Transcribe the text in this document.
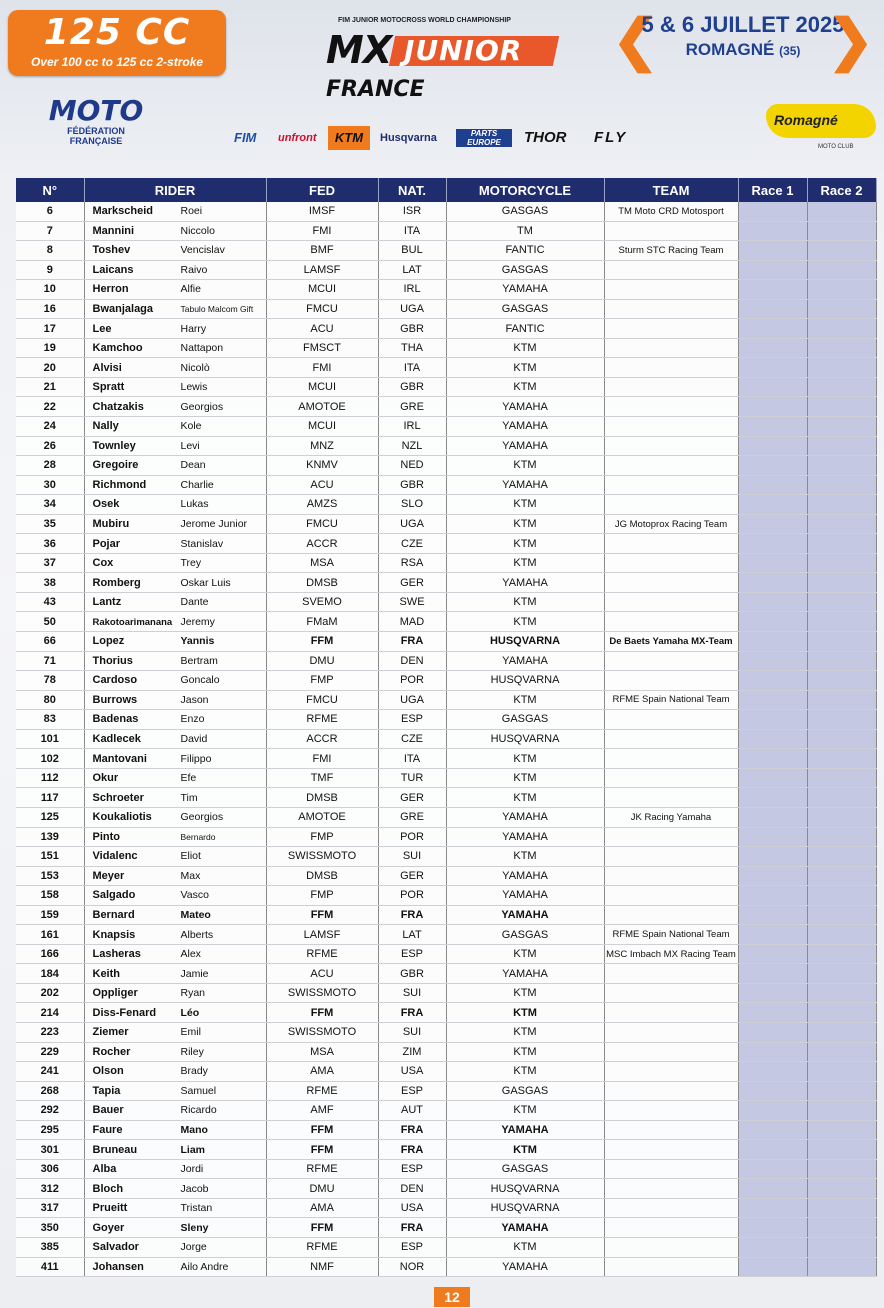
125 CC
Over 100 cc to 125 cc 2-stroke
FIM JUNIOR MOTOCROSS WORLD CHAMPIONSHIP
MX JUNIOR
FRANCE
❮
5 & 6 JUILLET 2025
ROMAGNÉ (35) ❯
MOTO
FÉDÉRATION
FRANÇAISE	FIM unfront	KTM	Husqvarna	PARTS EUROPE	THOR FLY
Romagné
MOTO CLUB
N°	RIDER	FED	NAT.	MOTORCYCLE	TEAM	Race 1	Race 2
6	Markscheid Roei	IMSF	ISR	GASGAS	TM Moto CRD Motosport		
7	Mannini Niccolo	FMI	ITA	TM			
8	Toshev Vencislav	BMF	BUL	FANTIC	Sturm STC Racing Team		
9	Laicans Raivo	LAMSF	LAT	GASGAS			
10	Herron Alfie	MCUI	IRL	YAMAHA			
16	Bwanjalaga Tabulo Malcom Gift	FMCU	UGA	GASGAS			
17	Lee Harry	ACU	GBR	FANTIC			
19	Kamchoo Nattapon	FMSCT	THA	KTM			
20	Alvisi Nicolò	FMI	ITA	KTM			
21	Spratt Lewis	MCUI	GBR	KTM			
22	Chatzakis Georgios	AMOTOE	GRE	YAMAHA			
24	Nally Kole	MCUI	IRL	YAMAHA			
26	Townley Levi	MNZ	NZL	YAMAHA			
28	Gregoire Dean	KNMV	NED	KTM			
30	Richmond Charlie	ACU	GBR	YAMAHA			
34	Osek Lukas	AMZS	SLO	KTM			
35	Mubiru Jerome Junior	FMCU	UGA	KTM	JG Motoprox Racing Team		
36	Pojar Stanislav	ACCR	CZE	KTM			
37	Cox Trey	MSA	RSA	KTM			
38	Romberg Oskar Luis	DMSB	GER	YAMAHA			
43	Lantz Dante	SVEMO	SWE	KTM			
50	Rakotoarimanana Jeremy	FMaM	MAD	KTM			
66	Lopez Yannis	FFM	FRA	HUSQVARNA	De Baets Yamaha MX-Team		
71	Thorius Bertram	DMU	DEN	YAMAHA			
78	Cardoso Goncalo	FMP	POR	HUSQVARNA			
80	Burrows Jason	FMCU	UGA	KTM	RFME Spain National Team		
83	Badenas Enzo	RFME	ESP	GASGAS			
101	Kadlecek David	ACCR	CZE	HUSQVARNA			
102	Mantovani Filippo	FMI	ITA	KTM			
112	Okur Efe	TMF	TUR	KTM			
117	Schroeter Tim	DMSB	GER	KTM			
125	Koukaliotis Georgios	AMOTOE	GRE	YAMAHA	JK Racing Yamaha		
139	Pinto Bernardo	FMP	POR	YAMAHA			
151	Vidalenc Eliot	SWISSMOTO	SUI	KTM			
153	Meyer Max	DMSB	GER	YAMAHA			
158	Salgado Vasco	FMP	POR	YAMAHA			
159	Bernard Mateo	FFM	FRA	YAMAHA			
161	Knapsis Alberts	LAMSF	LAT	GASGAS	RFME Spain National Team		
166	Lasheras Alex	RFME	ESP	KTM	MSC Imbach MX Racing Team		
184	Keith Jamie	ACU	GBR	YAMAHA			
202	Oppliger Ryan	SWISSMOTO	SUI	KTM			
214	Diss-Fenard Léo	FFM	FRA	KTM			
223	Ziemer Emil	SWISSMOTO	SUI	KTM			
229	Rocher Riley	MSA	ZIM	KTM			
241	Olson Brady	AMA	USA	KTM			
268	Tapia Samuel	RFME	ESP	GASGAS			
292	Bauer Ricardo	AMF	AUT	KTM			
295	Faure Mano	FFM	FRA	YAMAHA			
301	Bruneau Liam	FFM	FRA	KTM			
306	Alba Jordi	RFME	ESP	GASGAS			
312	Bloch Jacob	DMU	DEN	HUSQVARNA			
317	Prueitt Tristan	AMA	USA	HUSQVARNA			
350	Goyer Sleny	FFM	FRA	YAMAHA			
385	Salvador Jorge	RFME	ESP	KTM			
411	Johansen Ailo Andre	NMF	NOR	YAMAHA			
12
